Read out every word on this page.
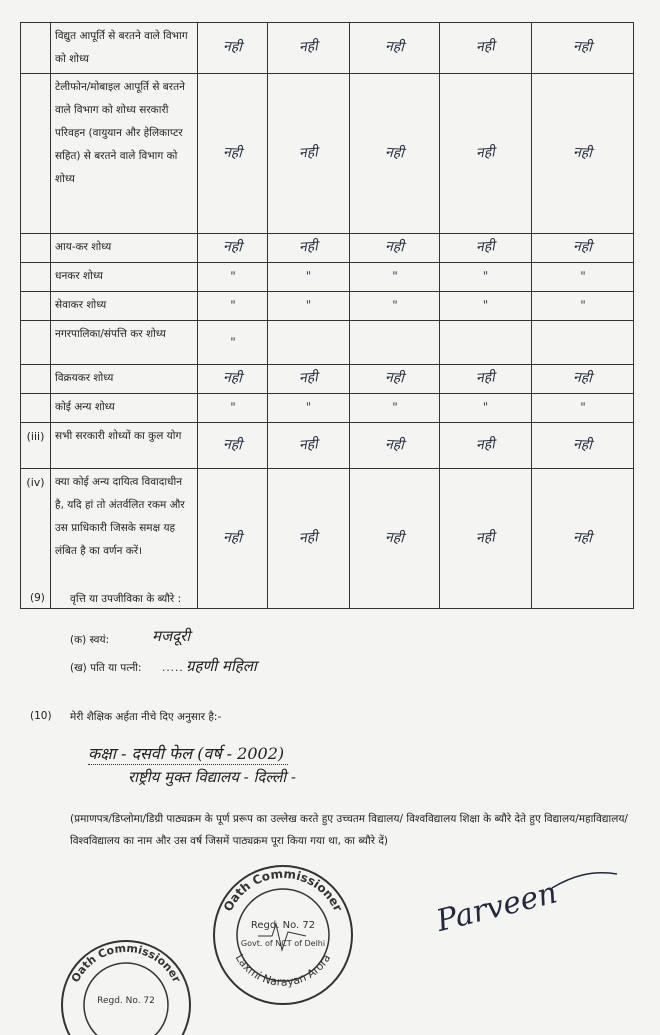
	विद्युत आपूर्ति से बरतने वाले विभाग को शोध्य	नही	नही	नही	नही	नही
	टेलीफोन/मोबाइल आपूर्ति से बरतने वाले विभाग को शोध्य सरकारी परिवहन (वायुयान और हेलिकाप्टर सहित) से बरतने वाले विभाग को शोध्य	नही	नही	नही	नही	नही
	आय-कर शोध्य	नही	नही	नही	नही	नही
	धनकर शोध्य	"	"	"	"	"
	सेवाकर शोध्य	"	"	"	"	"
	नगरपालिका/संपत्ति कर शोध्य	"				
	विक्रयकर शोध्य	नही	नही	नही	नही	नही
	कोई अन्य शोध्य	"	"	"	"	"
(iii)	सभी सरकारी शोध्यों का कुल योग	नही	नही	नही	नही	नही
(iv)	क्या कोई अन्य दायित्व विवादाधीन है, यदि हां तो अंतर्वलित रकम और उस प्राधिकारी जिसके समक्ष यह लंबित है का वर्णन करें।	नही	नही	नही	नही	नही
(9) वृत्ति या उपजीविका के ब्यौरे :
(क) स्वयं:	मजदूरी
(ख) पति या पत्नी: ..... ग्रहणी महिला
(10) मेरी शैक्षिक अर्हता नीचे दिए अनुसार है:-
कक्षा - दसवी फेल (वर्ष - 2002)
राष्ट्रीय मुक्त विद्यालय - दिल्ली -
(प्रमाणपत्र/डिप्लोमा/डिग्री पाठ्यक्रम के पूर्ण प्ररूप का उल्लेख करते हुए उच्चतम विद्यालय/ विश्वविद्यालय शिक्षा के ब्यौरे देते हुए विद्यालय/महाविद्यालय/विश्वविद्यालय का नाम और उस वर्ष जिसमें पाठ्यक्रम पूरा किया गया था, का ब्यौरे दें)
Oath Commissioner
Laxmi Narayan Arora
Regd. No. 72
Govt. of NCT of Delhi
Oath Commissioner
Regd. No. 72
Parveen
